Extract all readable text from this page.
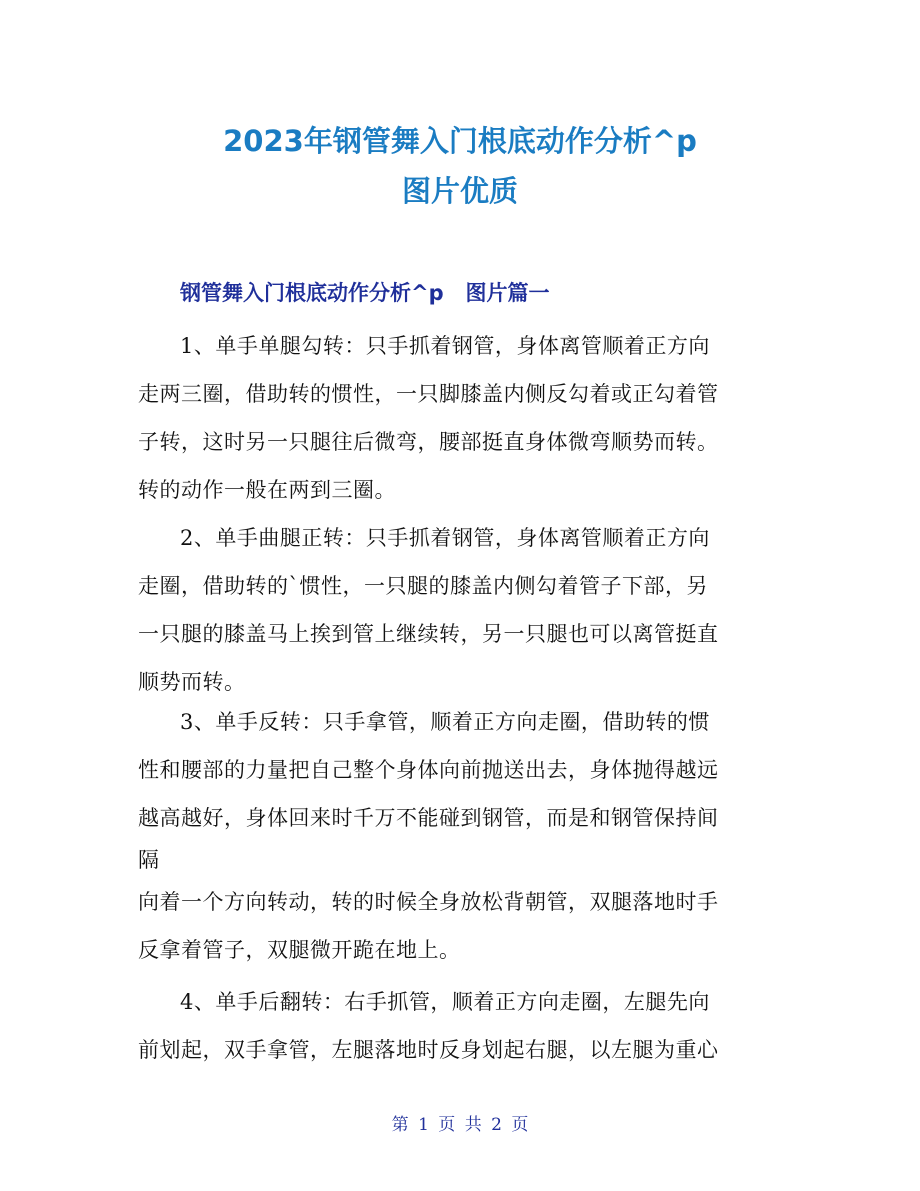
2023年钢管舞入门根底动作分析^p
图片优质
钢管舞入门根底动作分析^p   图片篇一
1、单手单腿勾转：只手抓着钢管，身体离管顺着正方向
走两三圈，借助转的惯性，一只脚膝盖内侧反勾着或正勾着管
子转，这时另一只腿往后微弯，腰部挺直身体微弯顺势而转。
转的动作一般在两到三圈。
2、单手曲腿正转：只手抓着钢管，身体离管顺着正方向
走圈，借助转的`惯性，一只腿的膝盖内侧勾着管子下部，另
一只腿的膝盖马上挨到管上继续转，另一只腿也可以离管挺直
顺势而转。
3、单手反转：只手拿管，顺着正方向走圈，借助转的惯
性和腰部的力量把自己整个身体向前抛送出去，身体抛得越远
越高越好，身体回来时千万不能碰到钢管，而是和钢管保持间
隔
向着一个方向转动，转的时候全身放松背朝管，双腿落地时手
反拿着管子，双腿微开跪在地上。
4、单手后翻转：右手抓管，顺着正方向走圈，左腿先向
前划起，双手拿管，左腿落地时反身划起右腿，以左腿为重心
第 1 页 共 2 页
